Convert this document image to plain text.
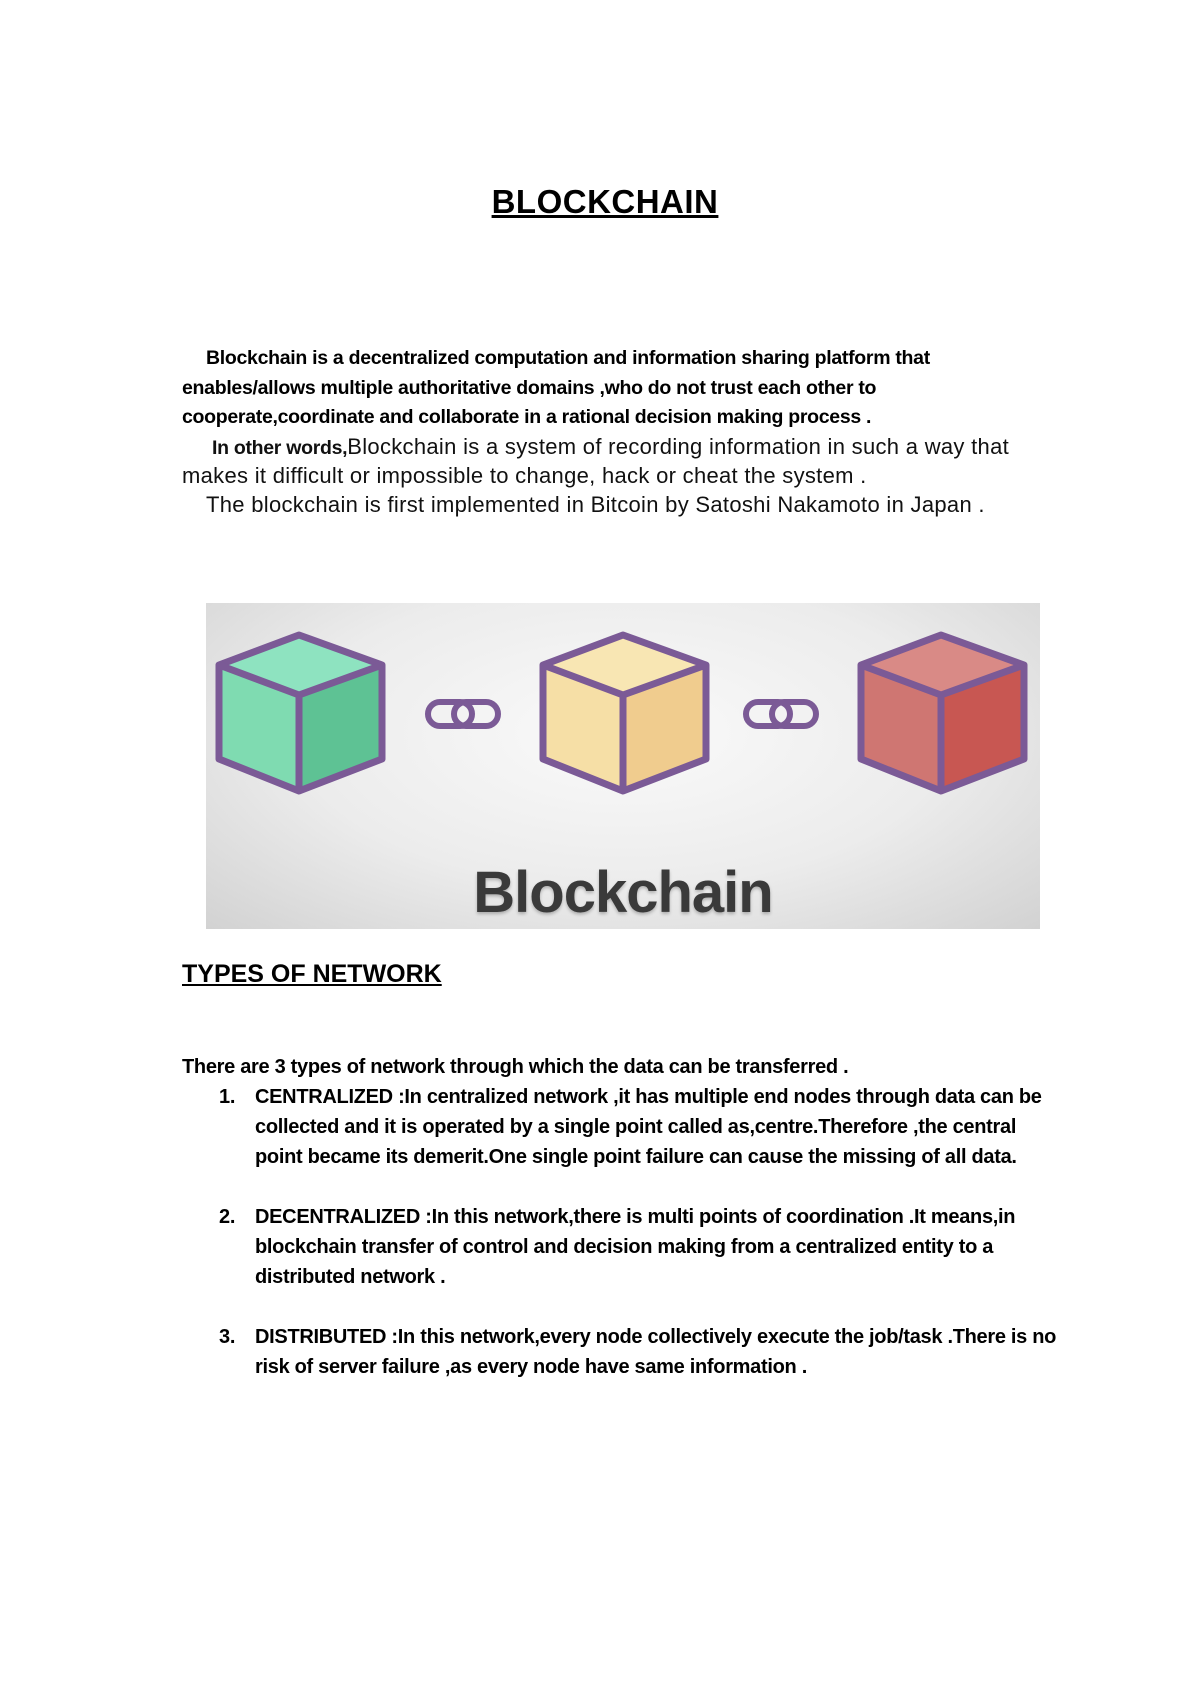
BLOCKCHAIN

Blockchain is a decentralized computation and information sharing platform that enables/allows multiple authoritative domains ,who do not trust each other to cooperate,coordinate and collaborate in a rational decision making process .

In other words,Blockchain is a system of recording information in such a way that makes it difficult or impossible to change, hack or cheat the system .

The blockchain is first implemented in Bitcoin by Satoshi Nakamoto in Japan .

Blockchain
TYPES OF NETWORK

There are 3 types of network through which the data can be transferred .

1. CENTRALIZED :In centralized network ,it has multiple end nodes through data can be collected and it is operated by a single point called as,centre.Therefore ,the central point became its demerit.One single point failure can cause the missing of all data.
2. DECENTRALIZED :In this network,there is multi points of coordination .It means,in blockchain transfer of control and decision making from a centralized entity to a distributed network .
3. DISTRIBUTED :In this network,every node collectively execute the job/task .There is no risk of server failure ,as every node have same information .
